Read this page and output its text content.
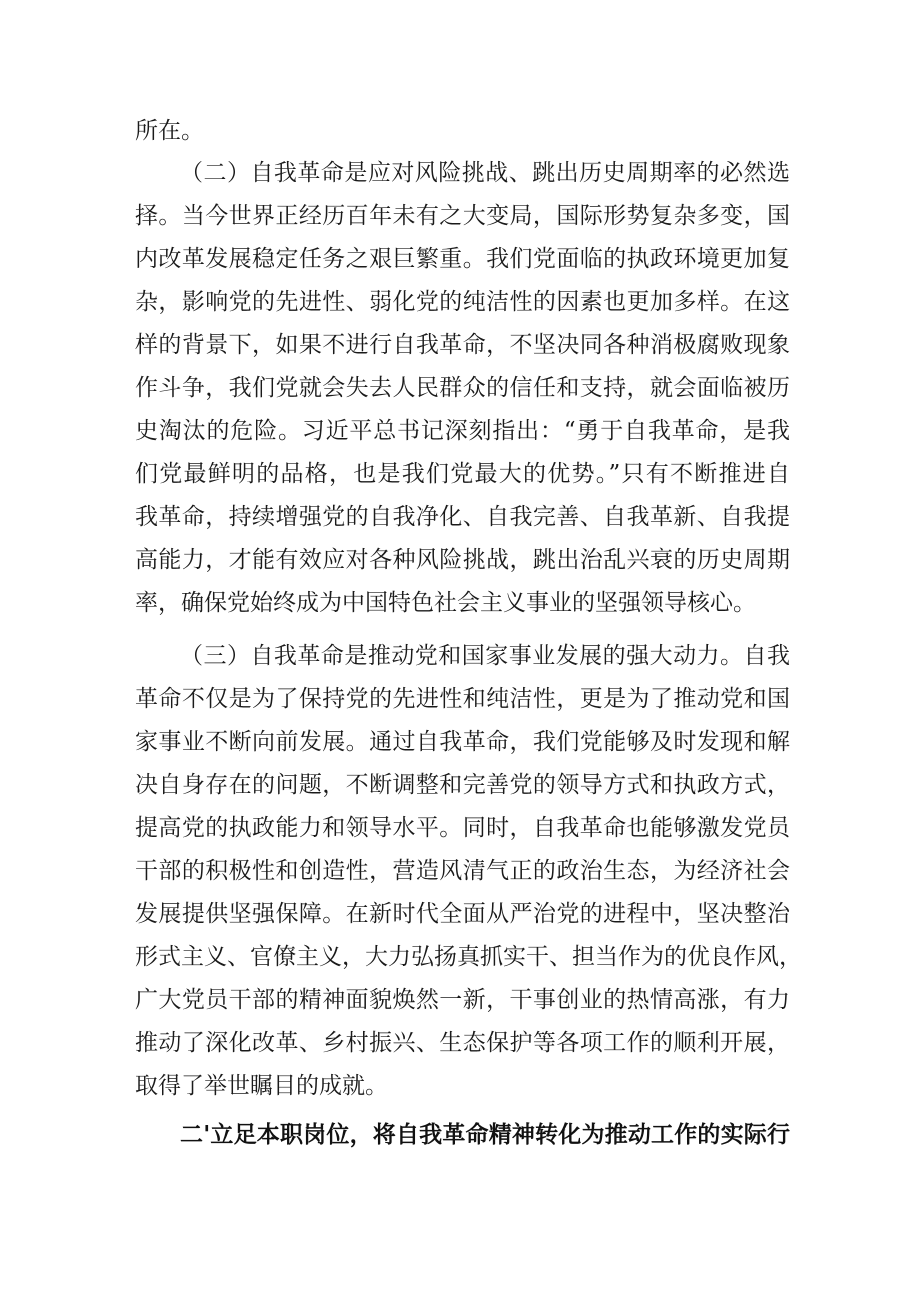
所在。
（二）自我革命是应对风险挑战、跳出历史周期率的必然选
择。当今世界正经历百年未有之大变局，国际形势复杂多变，国
内改革发展稳定任务之艰巨繁重。我们党面临的执政环境更加复
杂，影响党的先进性、弱化党的纯洁性的因素也更加多样。在这
样的背景下，如果不进行自我革命，不坚决同各种消极腐败现象
作斗争，我们党就会失去人民群众的信任和支持，就会面临被历
史淘汰的危险。习近平总书记深刻指出：“勇于自我革命，是我
们党最鲜明的品格，也是我们党最大的优势。”只有不断推进自
我革命，持续增强党的自我净化、自我完善、自我革新、自我提
高能力，才能有效应对各种风险挑战，跳出治乱兴衰的历史周期
率，确保党始终成为中国特色社会主义事业的坚强领导核心。
（三）自我革命是推动党和国家事业发展的强大动力。自我
革命不仅是为了保持党的先进性和纯洁性，更是为了推动党和国
家事业不断向前发展。通过自我革命，我们党能够及时发现和解
决自身存在的问题，不断调整和完善党的领导方式和执政方式，
提高党的执政能力和领导水平。同时，自我革命也能够激发党员
干部的积极性和创造性，营造风清气正的政治生态，为经济社会
发展提供坚强保障。在新时代全面从严治党的进程中，坚决整治
形式主义、官僚主义，大力弘扬真抓实干、担当作为的优良作风，
广大党员干部的精神面貌焕然一新，干事创业的热情高涨，有力
推动了深化改革、乡村振兴、生态保护等各项工作的顺利开展，
取得了举世瞩目的成就。
二'立足本职岗位，将自我革命精神转化为推动工作的实际行
